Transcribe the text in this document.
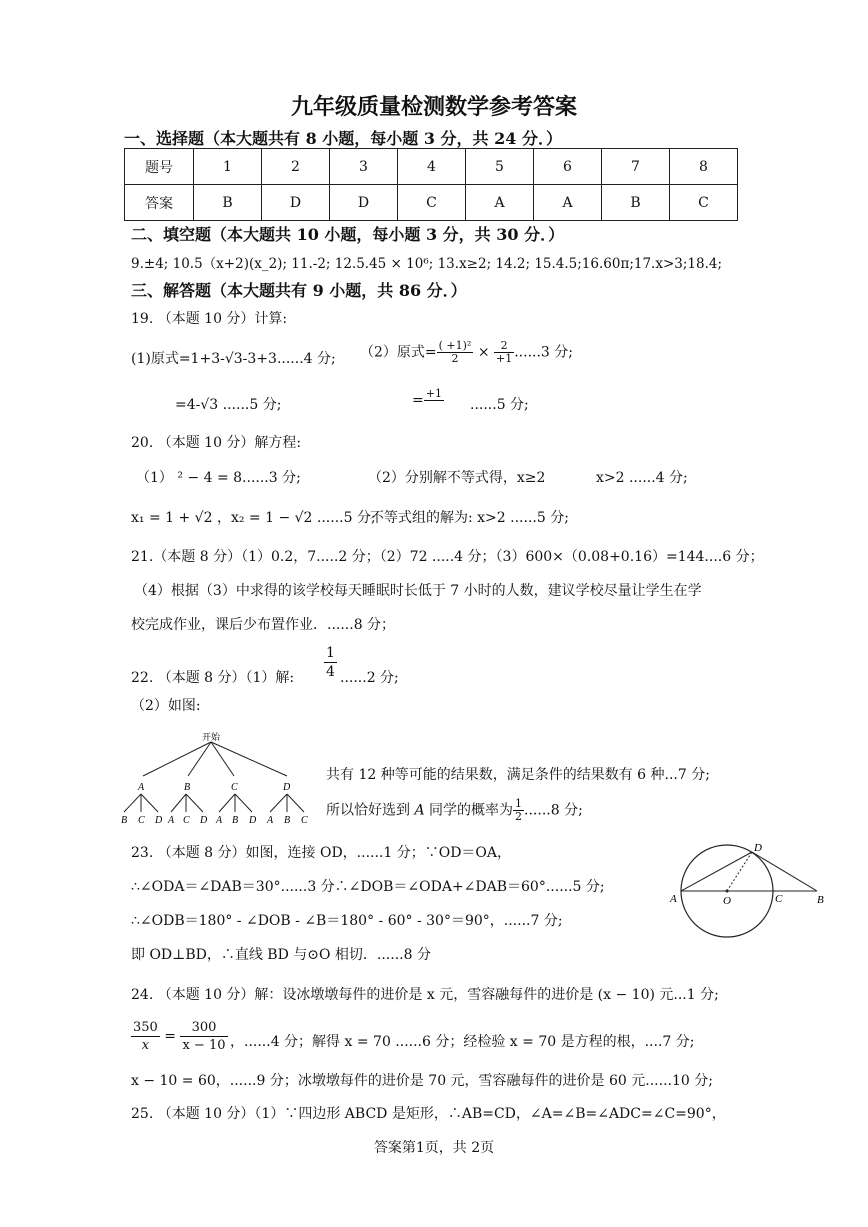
九年级质量检测数学参考答案
一、选择题（本大题共有 8 小题，每小题 3 分，共 24 分．）
题号	1	2	3	4	5	6	7	8
答案	B	D	D	C	A	A	B	C
二、填空题（本大题共 10 小题，每小题 3 分，共 30 分．）
9.±4; 10.5（x+2)(x_2); 11.-2; 12.5.45 × 10⁶; 13.x≥2; 14.2; 15.4.5;16.60π;17.x>3;18.4;
三、解答题（本大题共有 9 小题，共 86 分．）
19. （本题 10 分）计算:
(1)原式=1+3-√3-3+3......4 分; （2）原式= $\frac{\text{( +1)²}}{2} \times \frac{2}{+1} ......3$ 分;
=4-√3 ......5 分;	= +1

......5 分;
20. （本题 10 分）解方程:
（1） ² − 4 = 8......3 分;	（2）分别解不等式得，x≥2	x>2 ......4 分;
x₁ = 1 + √2 ，x₂ = 1 − √2 ......5 分;
不等式组的解为: x>2 ......5 分;
21.（本题 8 分）（1）0.2，7.....2 分；（2）72 .....4 分；（3）600×（0.08+0.16）=144....6 分；
（4）根据（3）中求得的该学校每天睡眠时长低于 7 小时的人数，建议学校尽量让学生在学
校完成作业，课后少布置作业．......8 分；
22. （本题 8 分）（1）解: $\frac{1}{4} ......2$ 分;
（2）如图:
开始
A	B	C	D
B C D A C D A B D A B C
共有 12 种等可能的结果数，满足条件的结果数有 6 种...7 分;
所以恰好选到 A 同学的概率为 $\frac{1}{2} ......8$ 分;
23. （本题 8 分）如图，连接 OD，......1 分；∵OD＝OA，
∴∠ODA＝∠DAB＝30°......3 分∴∠DOB＝∠ODA+∠DAB＝60°......5 分;
∴∠ODB＝180° - ∠DOB - ∠B＝180° - 60° - 30°＝90°，......7 分;
即 OD⊥BD，∴直线 BD 与⊙O 相切．......8 分
A	O	C	B
D
24. （本题 10 分）解：设冰墩墩每件的进价是 x 元，雪容融每件的进价是 (x − 10) 元...1 分;
$\frac{350}{x} = \frac{300}{x - 10}$ ，......4 分；解得 x = 70 ......6 分；经检验 x = 70 是方程的根，....7 分;
x − 10 = 60，......9 分；冰墩墩每件的进价是 70 元，雪容融每件的进价是 60 元......10 分;
25. （本题 10 分）（1）∵四边形 ABCD 是矩形，∴AB=CD，∠A=∠B=∠ADC=∠C=90°，
答案第1页，共 2页
